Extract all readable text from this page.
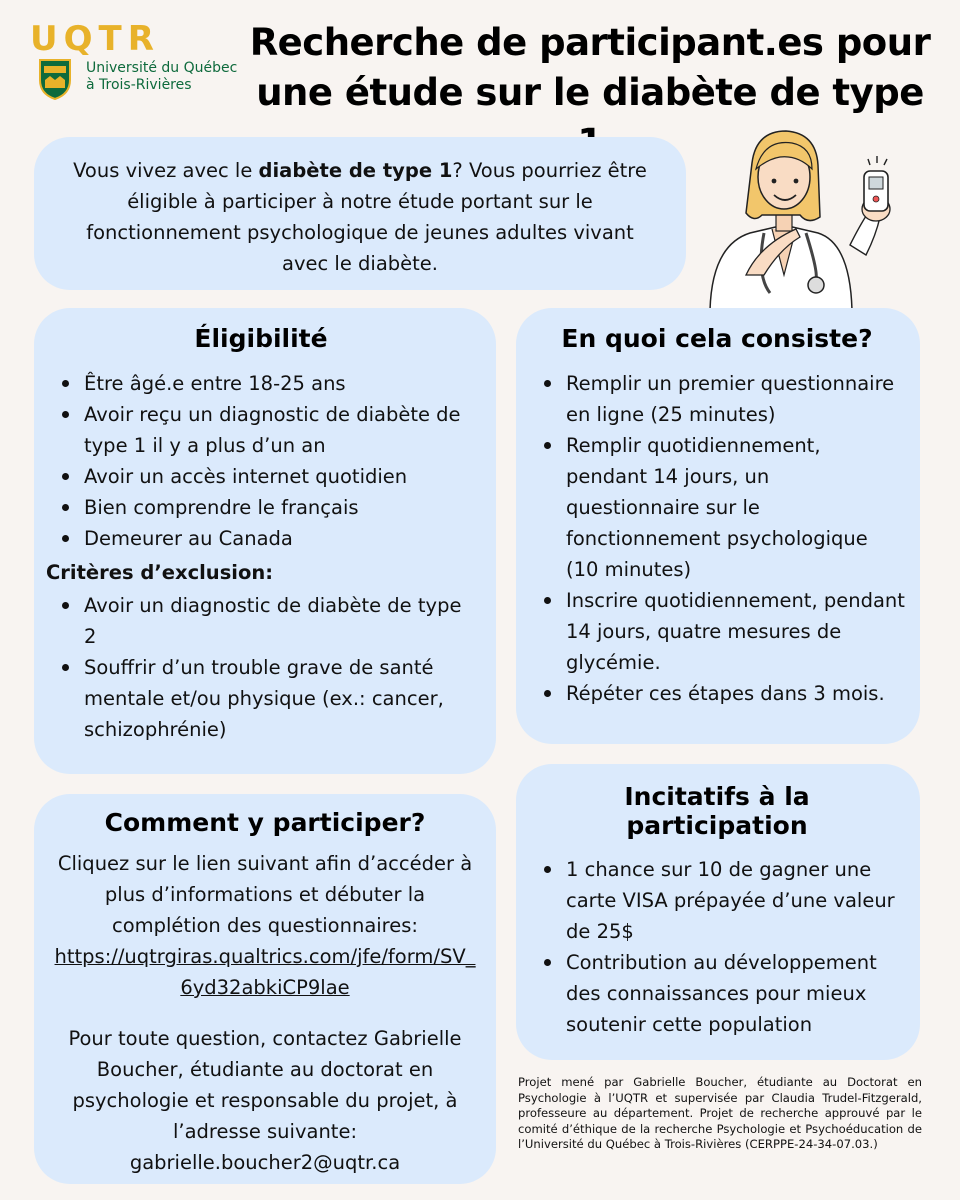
UQTR
Université du Québec
à Trois-Rivières
Recherche de participant.es pour
une étude sur le diabète de type
Vous vivez avec le diabète de type 1? Vous pourriez être éligible à participer à notre étude portant sur le fonctionnement psychologique de jeunes adultes vivant avec le diabète.
Éligibilité
Être âgé.e entre 18-25 ans
Avoir reçu un diagnostic de diabète de type 1 il y a plus d’un an
Avoir un accès internet quotidien
Bien comprendre le français
Demeurer au Canada
Critères d’exclusion:
Avoir un diagnostic de diabète de type 2
Souffrir d’un trouble grave de santé mentale et/ou physique (ex.: cancer, schizophrénie)
En quoi cela consiste?
Remplir un premier questionnaire en ligne (25 minutes)
Remplir quotidiennement, pendant 14 jours, un questionnaire sur le fonctionnement psychologique (10 minutes)
Inscrire quotidiennement, pendant 14 jours, quatre mesures de glycémie.
Répéter ces étapes dans 3 mois.
Comment y participer?
Cliquez sur le lien suivant afin d’accéder à plus d’informations et débuter la complétion des questionnaires:
https://uqtrgiras.qualtrics.com/jfe/form/SV_6yd32abkiCP9lae
Pour toute question, contactez Gabrielle Boucher, étudiante au doctorat en psychologie et responsable du projet, à l’adresse suivante:
gabrielle.boucher2@uqtr.ca
Incitatifs à la participation
1 chance sur 10 de gagner une carte VISA prépayée d’une valeur de 25$
Contribution au développement des connaissances pour mieux soutenir cette population
Projet mené par Gabrielle Boucher, étudiante au Doctorat en Psychologie à l’UQTR et supervisée par Claudia Trudel-Fitzgerald, professeure au département. Projet de recherche approuvé par le comité d’éthique de la recherche Psychologie et Psychoéducation de l’Université du Québec à Trois-Rivières (CERPPE-24-34-07.03.)
